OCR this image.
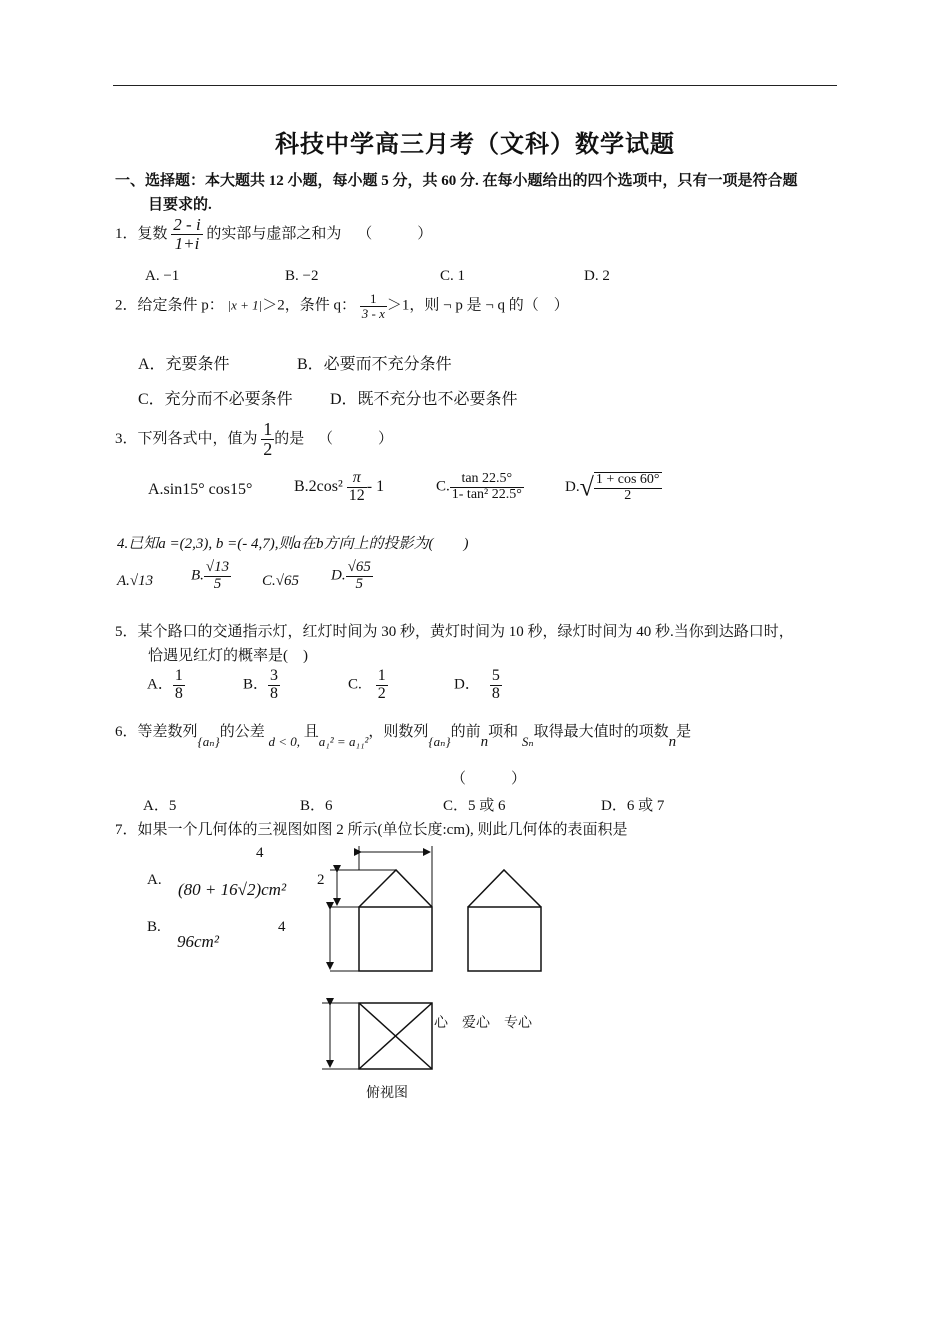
科技中学高三月考（文科）数学试题
一、选择题：本大题共 12 小题，每小题 5 分，共 60 分. 在每小题给出的四个选项中，只有一项是符合题
目要求的.
1．复数 $\frac{2 - i}{1+i}$ 的实部与虚部之和为 （　　　）
A. −1	B. −2	C. 1	D. 2
2．给定条件 p： |x + 1|＞2，条件 q： $\frac{1}{3 - x} >1$，则 ¬ p 是 ¬ q 的（　）
A．充要条件	B．必要而不充分条件
C．充分而不必要条件 D．既不充分也不必要条件
3．下列各式中，值为 $\frac{1}{2}$ 的是 （　　　）
A.sin15° cos15°	$B.2\cos^2 \frac{\pi}{12} - 1$	C. $\frac{\tan 22.5^\circ}{\text{1- tan² 22.5°}}$	$D.√ \frac{1 + \cos 60^\circ}{2}$
4.已知a =(2,3), b =(- 4,7),则a在b方向上的投影为(　　)
A.√13	B. $\frac{√13}{5} C.√65$ D. $\frac{√65}{5}$
5．某个路口的交通指示灯，红灯时间为 30 秒，黄灯时间为 10 秒，绿灯时间为 40 秒.当你到达路口时，
恰遇见红灯的概率是(　)
A． $\frac{1}{8}$	B． $\frac{3}{8}$	C. $\frac{1}{2}$	D． $\frac{5}{8}$
6．等差数列{aₙ}的公差 d < 0, 且a₁² = a₁₁²，则数列{aₙ}的前n项和 Sₙ取得最大值时的项数n是
（　　　）
A．5	B．6	C．5 或 6	D．6 或 7
7．如果一个几何体的三视图如图 2 所示(单位长度:cm), 则此几何体的表面积是
A. (80 + 16√2)cm²
B.
96cm²
4
2
4
心　爱心　专心
俯视图
